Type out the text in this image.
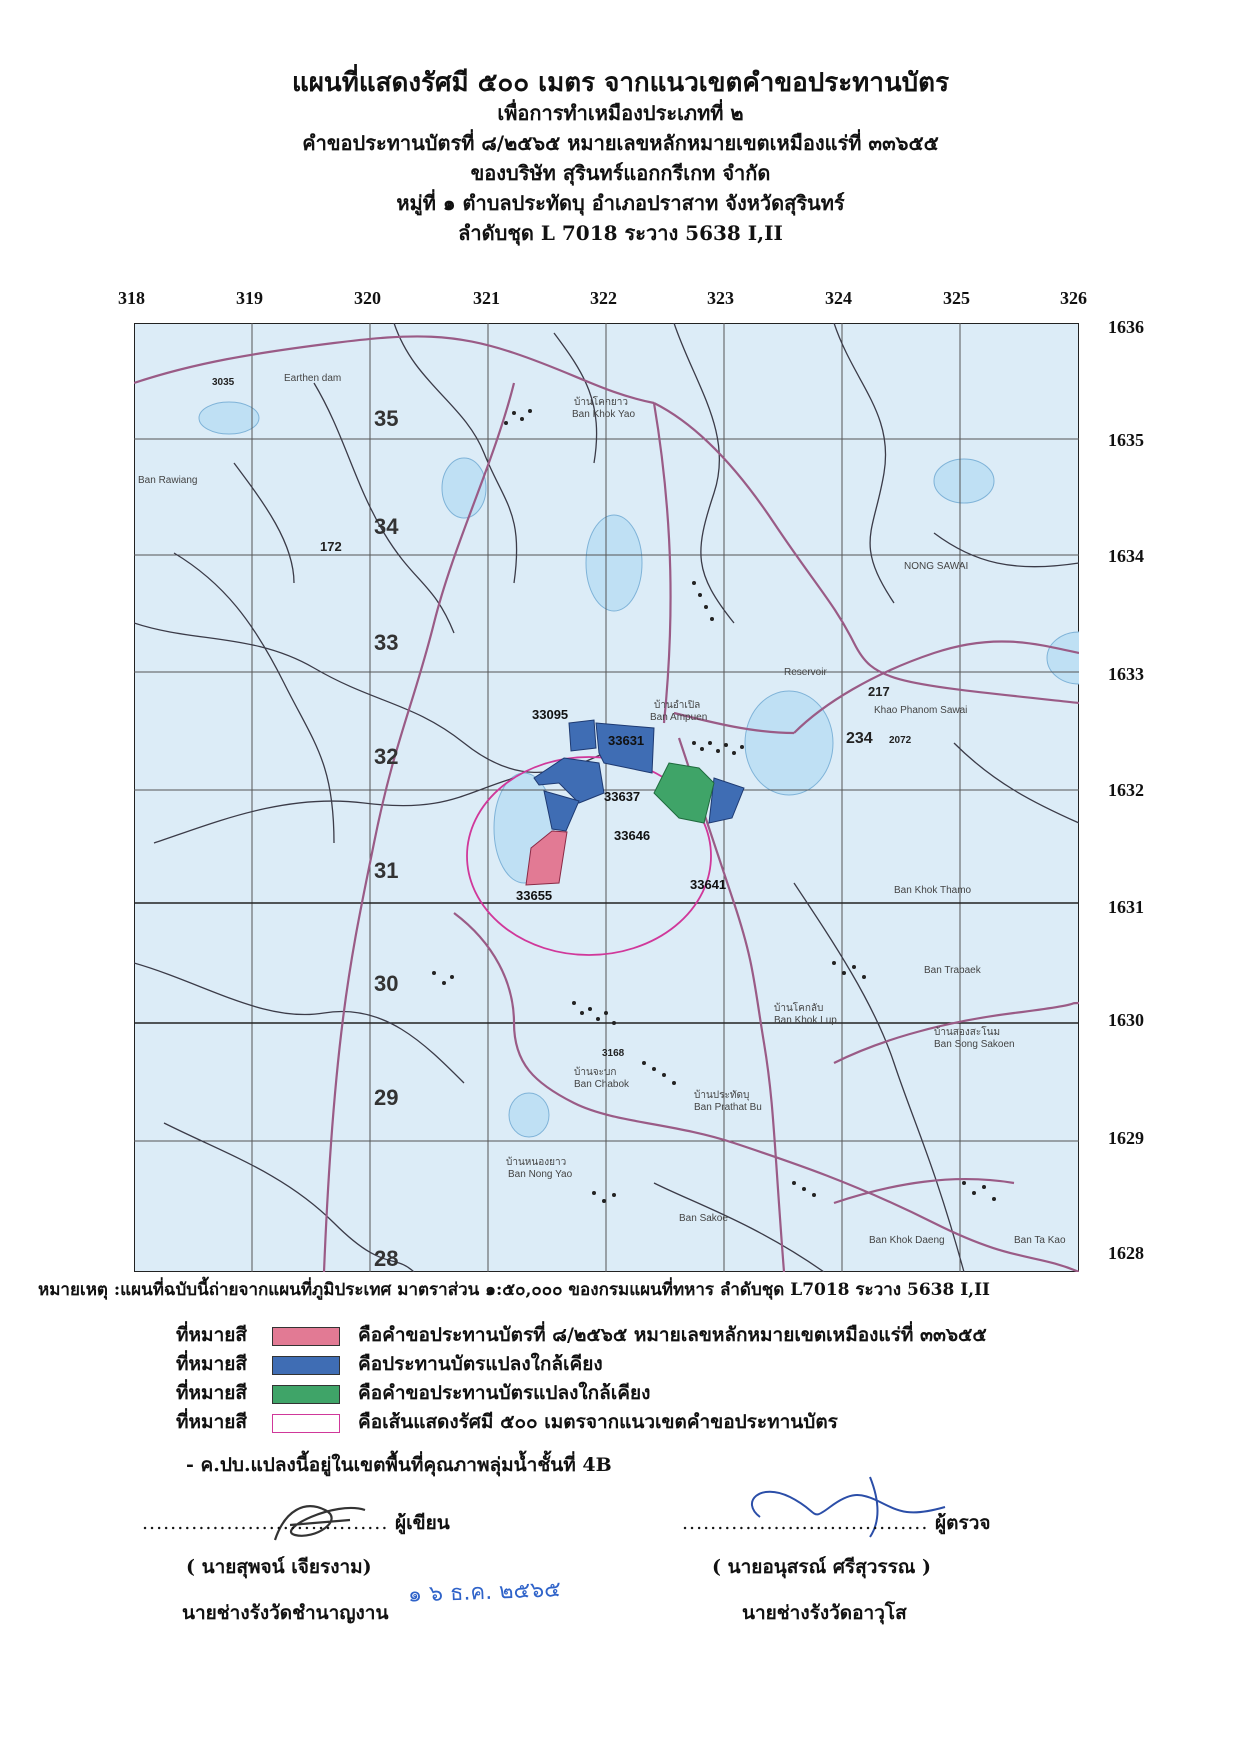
แผนที่แสดงรัศมี ๕๐๐ เมตร จากแนวเขตคำขอประทานบัตร
เพื่อการทำเหมืองประเภทที่ ๒
คำขอประทานบัตรที่ ๘/๒๕๖๕ หมายเลขหลักหมายเขตเหมืองแร่ที่ ๓๓๖๕๕
ของบริษัท สุรินทร์แอกกรีเกท จำกัด
หมู่ที่ ๑ ตำบลประทัดบุ อำเภอปราสาท จังหวัดสุรินทร์
ลำดับชุด L 7018 ระวาง 5638 I,II
318	319	320	321	322	323	324	325	326
1636
1635
1634
1633
1632
1631
1630
1629
1628
33095
33631
33637
33641
33646
33655
35
34
33
32
31
30
29
28
172
217
234
3035
2072
3168
บ้านโคกยาว
Ban Khok Yao
บ้านอำเปิล
Ban Ampuen
บ้านจะบก
Ban Chabok
บ้านหนองยาว
Ban Nong Yao
บ้านประทัดบุ
Ban Prathat Bu
บ้านโคกลับ
Ban Khok Lup
บ้านสองสะโนม
Ban Song Sakoen
Ban Trabaek
Ban Khok Thamo
Ban Khok Daeng
Ban Sakoe
Ban Ta Kao
Ban Rawiang
Khao Phanom Sawai
NONG SAWAI
Reservoir
Earthen dam
หมายเหตุ :แผนที่ฉบับนี้ถ่ายจากแผนที่ภูมิประเทศ มาตราส่วน ๑:๕๐,๐๐๐ ของกรมแผนที่ทหาร ลำดับชุด L7018 ระวาง 5638 I,II
ที่หมายสี	คือคำขอประทานบัตรที่ ๘/๒๕๖๕ หมายเลขหลักหมายเขตเหมืองแร่ที่ ๓๓๖๕๕
ที่หมายสี	คือประทานบัตรแปลงใกล้เคียง
ที่หมายสี	คือคำขอประทานบัตรแปลงใกล้เคียง
ที่หมายสี	คือเส้นแสดงรัศมี ๕๐๐ เมตรจากแนวเขตคำขอประทานบัตร
- ค.ปบ.แปลงนี้อยู่ในเขตพื้นที่คุณภาพลุ่มน้ำชั้นที่ 4B
................................... ผู้เขียน
( นายสุพจน์ เจียรงาม)
นายช่างรังวัดชำนาญงาน
................................... ผู้ตรวจ
( นายอนุสรณ์ ศรีสุวรรณ )
นายช่างรังวัดอาวุโส
๑ ๖ ธ.ค. ๒๕๖๕
